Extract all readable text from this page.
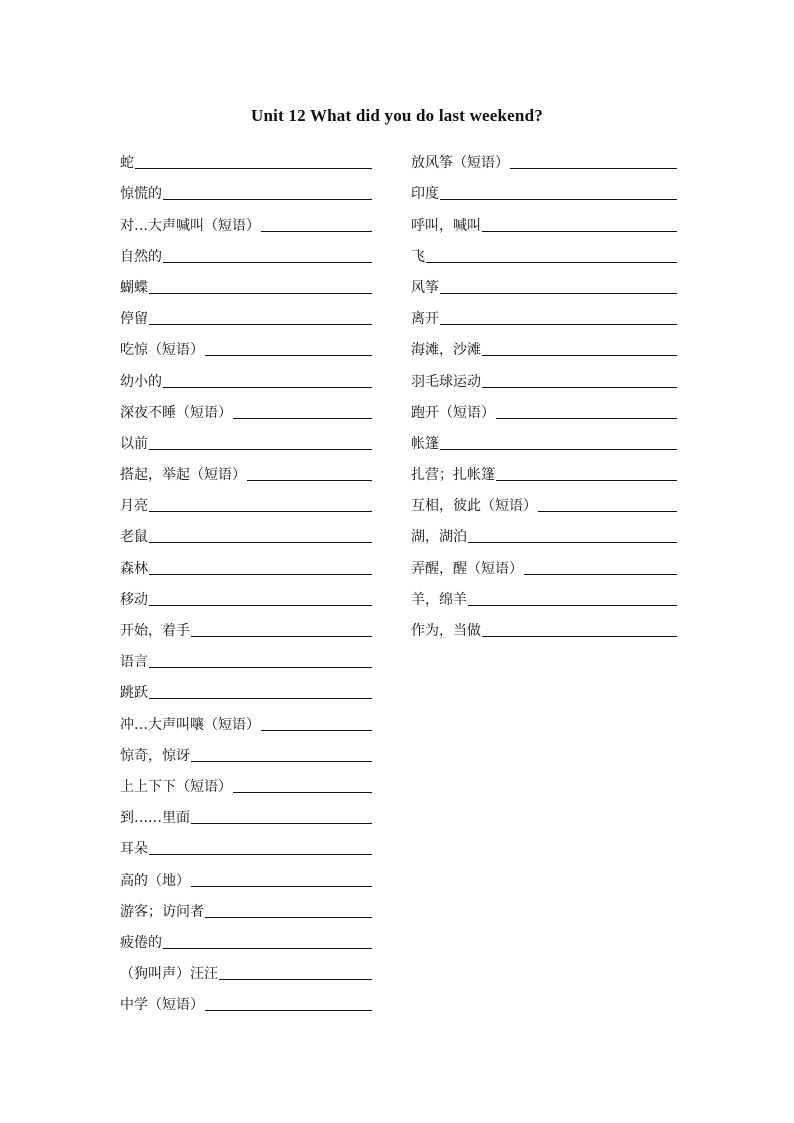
Unit 12 What did you do last weekend?
蛇
惊慌的
对…大声喊叫（短语）
自然的
蝴蝶
停留
吃惊（短语）
幼小的
深夜不睡（短语）
以前
搭起，举起（短语）
月亮
老鼠
森林
移动
开始，着手
语言
跳跃
冲…大声叫嚷（短语）
惊奇，惊讶
上上下下（短语）
到……里面
耳朵
高的（地）
游客；访问者
疲倦的
（狗叫声）汪汪
中学（短语）
放风筝（短语）
印度
呼叫，喊叫
飞
风筝
离开
海滩，沙滩
羽毛球运动
跑开（短语）
帐篷
扎营；扎帐篷
互相，彼此（短语）
湖，湖泊
弄醒，醒（短语）
羊，绵羊
作为，当做
